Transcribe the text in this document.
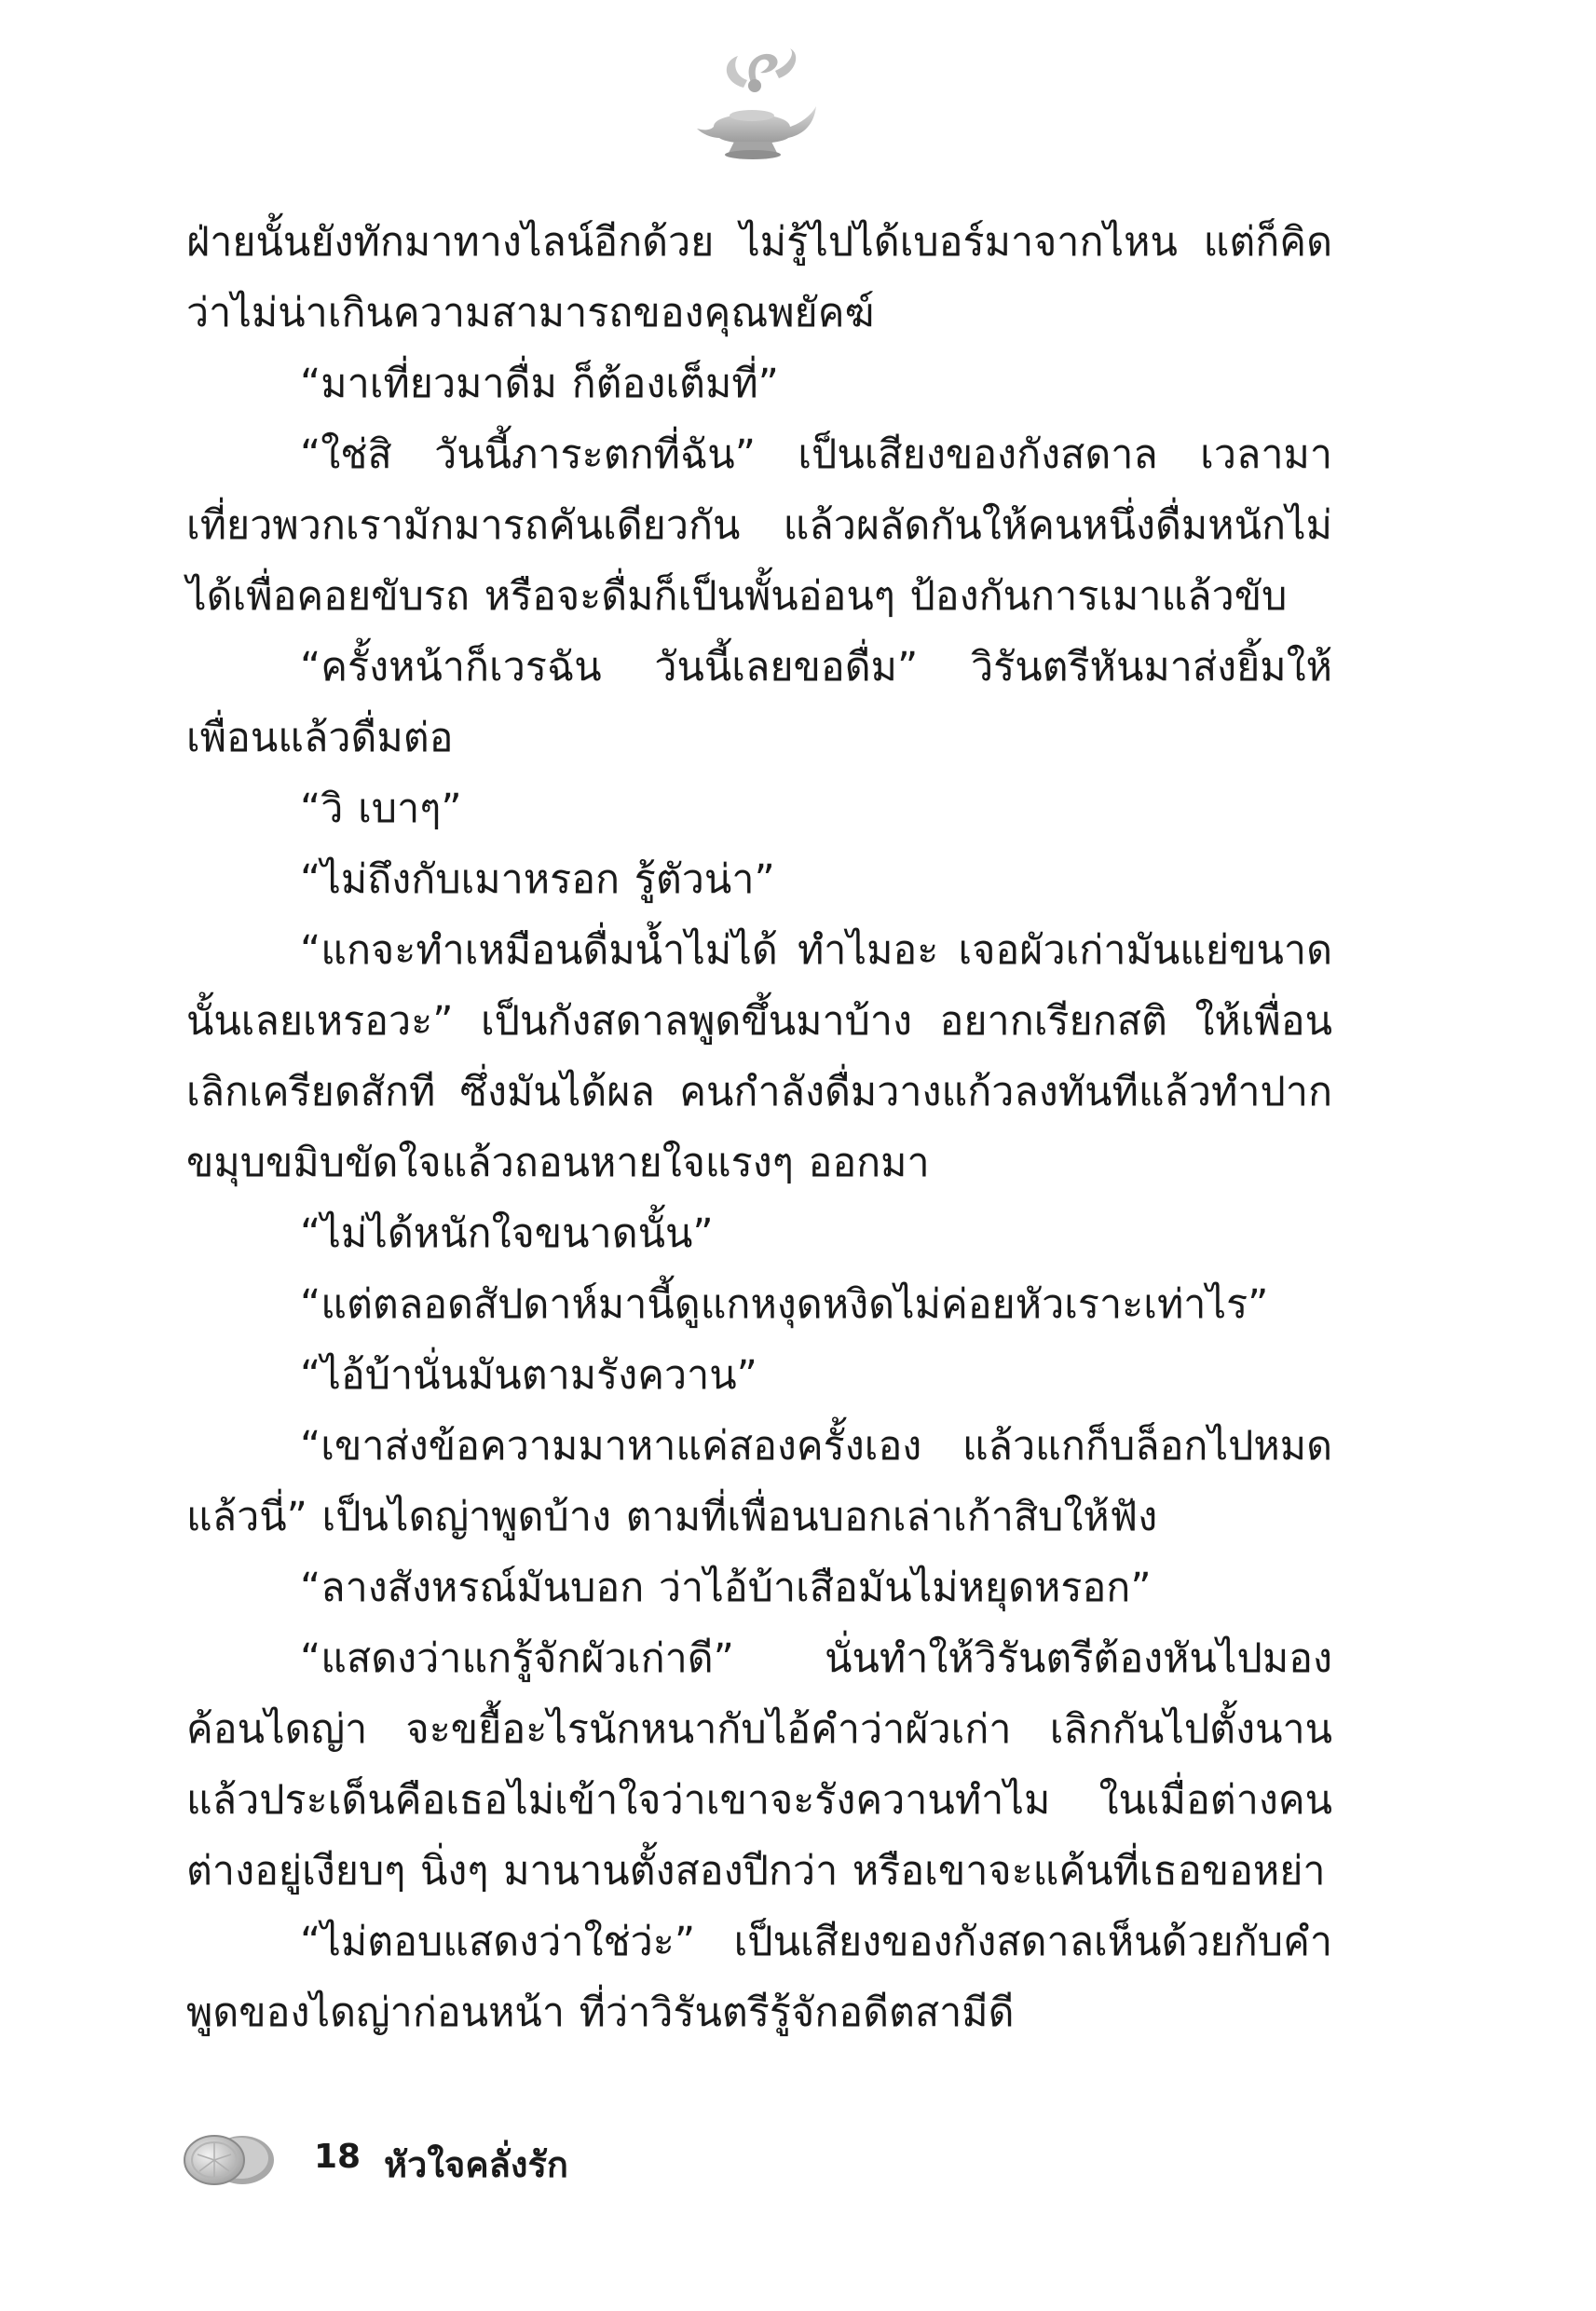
ฝ่ายนั้นยังทักมาทางไลน์อีกด้วย ไม่รู้ไปได้เบอร์มาจากไหน แต่ก็คิดว่าไม่น่าเกินความสามารถของคุณพยัคฆ์

“มาเที่ยวมาดื่ม ก็ต้องเต็มที่”

“ใช่สิ วันนี้ภาระตกที่ฉัน” เป็นเสียงของกังสดาล เวลามาเที่ยวพวกเรามักมารถคันเดียวกัน แล้วผลัดกันให้คนหนึ่งดื่มหนักไม่ได้เพื่อคอยขับรถ หรือจะดื่มก็เป็นพั้นอ่อนๆ ป้องกันการเมาแล้วขับ

“ครั้งหน้าก็เวรฉัน วันนี้เลยขอดื่ม” วิรันตรีหันมาส่งยิ้มให้เพื่อนแล้วดื่มต่อ

“วิ เบาๆ”

“ไม่ถึงกับเมาหรอก รู้ตัวน่า”

“แกจะทำเหมือนดื่มน้ำไม่ได้ ทำไมอะ เจอผัวเก่ามันแย่ขนาดนั้นเลยเหรอวะ” เป็นกังสดาลพูดขึ้นมาบ้าง อยากเรียกสติ ให้เพื่อนเลิกเครียดสักที ซึ่งมันได้ผล คนกำลังดื่มวางแก้วลงทันทีแล้วทำปากขมุบขมิบขัดใจแล้วถอนหายใจแรงๆ ออกมา

“ไม่ได้หนักใจขนาดนั้น”

“แต่ตลอดสัปดาห์มานี้ดูแกหงุดหงิดไม่ค่อยหัวเราะเท่าไร”

“ไอ้บ้านั่นมันตามรังควาน”

“เขาส่งข้อความมาหาแค่สองครั้งเอง แล้วแกก็บล็อกไปหมดแล้วนี่” เป็นไดญ่าพูดบ้าง ตามที่เพื่อนบอกเล่าเก้าสิบให้ฟัง

“ลางสังหรณ์มันบอก ว่าไอ้บ้าเสือมันไม่หยุดหรอก”

“แสดงว่าแกรู้จักผัวเก่าดี” นั่นทำให้วิรันตรีต้องหันไปมองค้อนไดญ่า จะขยื้อะไรนักหนากับไอ้คำว่าผัวเก่า เลิกกันไปตั้งนานแล้วประเด็นคือเธอไม่เข้าใจว่าเขาจะรังควานทำไม ในเมื่อต่างคนต่างอยู่เงียบๆ นิ่งๆ มานานตั้งสองปีกว่า หรือเขาจะแค้นที่เธอขอหย่า

“ไม่ตอบแสดงว่าใช่ว่ะ” เป็นเสียงของกังสดาลเห็นด้วยกับคำพูดของไดญ่าก่อนหน้า ที่ว่าวิรันตรีรู้จักอดีตสามีดี

18 หัวใจคลั่งรัก
